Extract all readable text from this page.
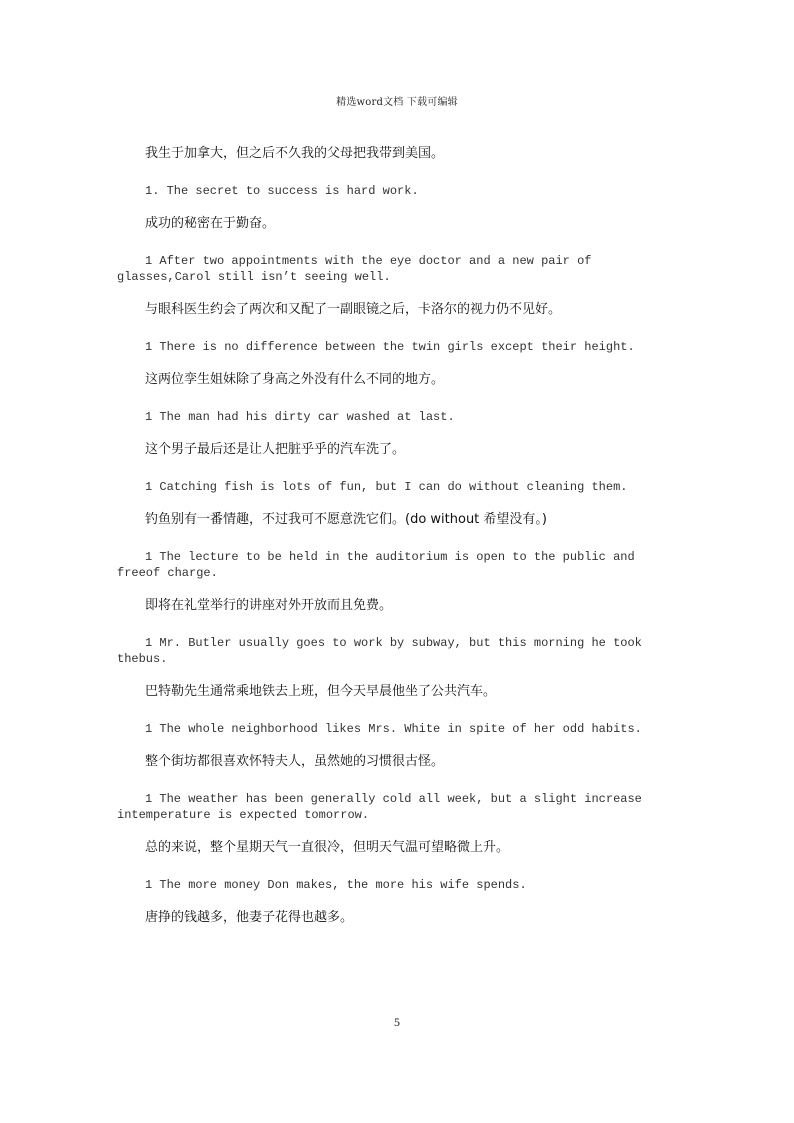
精选word文档 下载可编辑

我生于加拿大，但之后不久我的父母把我带到美国。

1. The secret to success is hard work.

成功的秘密在于勤奋。

1 After two appointments with the eye doctor and a new pair of glasses,Carol still isn’t seeing well.

与眼科医生约会了两次和又配了一副眼镜之后，卡洛尔的视力仍不见好。

1 There is no difference between the twin girls except their height.

这两位孪生姐妹除了身高之外没有什么不同的地方。

1 The man had his dirty car washed at last.

这个男子最后还是让人把脏乎乎的汽车洗了。

1 Catching fish is lots of fun, but I can do without cleaning them.

钓鱼别有一番情趣，不过我可不愿意洗它们。(do without 希望没有。)

1 The lecture to be held in the auditorium is open to the public and freeof charge.

即将在礼堂举行的讲座对外开放而且免费。

1 Mr. Butler usually goes to work by subway, but this morning he took thebus.

巴特勒先生通常乘地铁去上班，但今天早晨他坐了公共汽车。

1 The whole neighborhood likes Mrs. White in spite of her odd habits.

整个街坊都很喜欢怀特夫人，虽然她的习惯很古怪。

1 The weather has been generally cold all week, but a slight increase intemperature is expected tomorrow.

总的来说，整个星期天气一直很冷，但明天气温可望略微上升。

1 The more money Don makes, the more his wife spends.

唐挣的钱越多，他妻子花得也越多。

5
